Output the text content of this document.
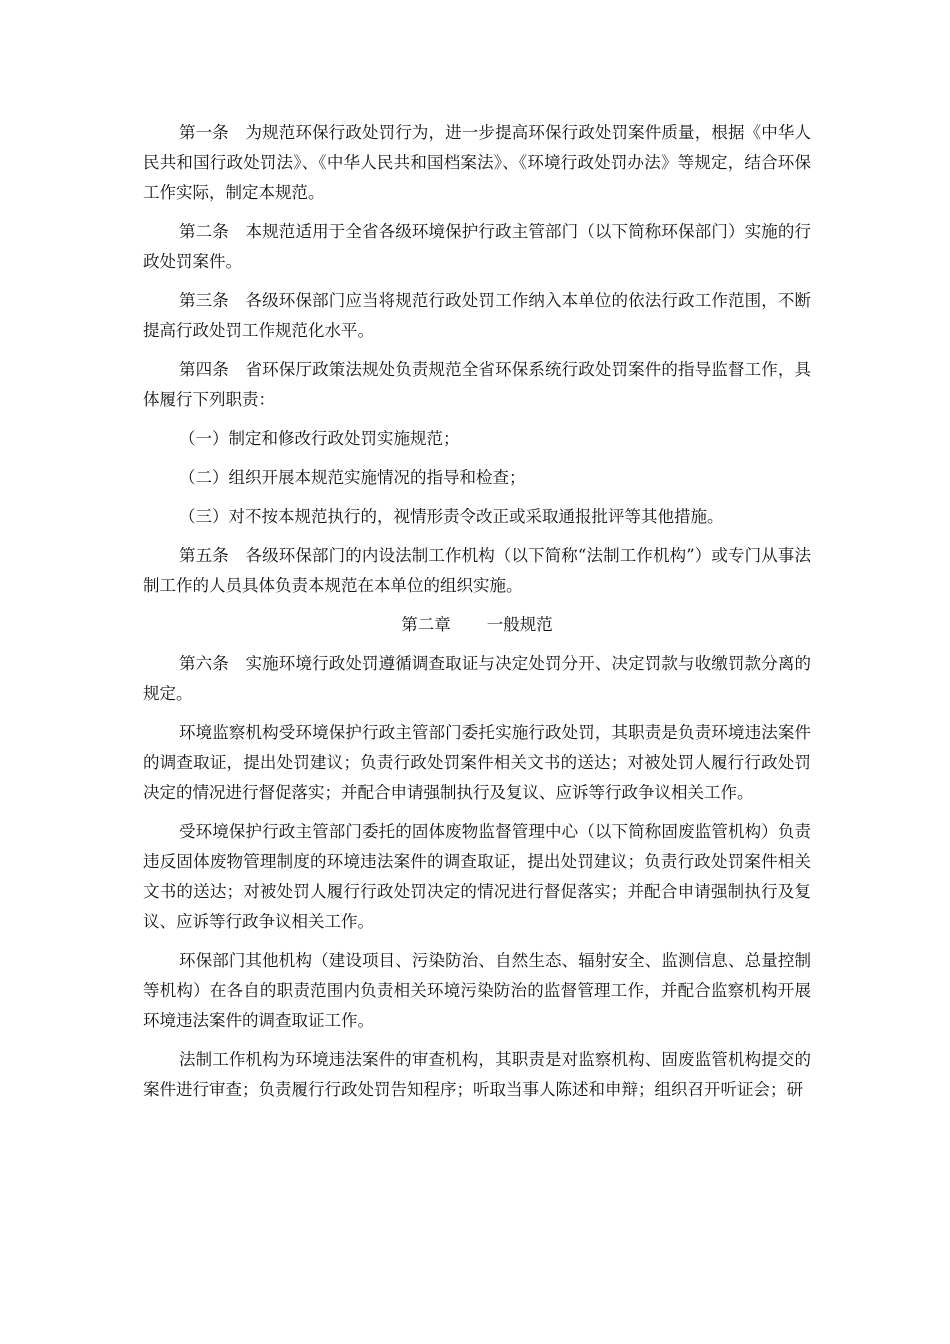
第一条　为规范环保行政处罚行为，进一步提高环保行政处罚案件质量，根据《中华人民共和国行政处罚法》、《中华人民共和国档案法》、《环境行政处罚办法》等规定，结合环保工作实际，制定本规范。

第二条　本规范适用于全省各级环境保护行政主管部门（以下简称环保部门）实施的行政处罚案件。

第三条　各级环保部门应当将规范行政处罚工作纳入本单位的依法行政工作范围，不断提高行政处罚工作规范化水平。

第四条　省环保厅政策法规处负责规范全省环保系统行政处罚案件的指导监督工作，具体履行下列职责：

（一）制定和修改行政处罚实施规范；

（二）组织开展本规范实施情况的指导和检查；

（三）对不按本规范执行的，视情形责令改正或采取通报批评等其他措施。

第五条　各级环保部门的内设法制工作机构（以下简称“法制工作机构”）或专门从事法制工作的人员具体负责本规范在本单位的组织实施。

第二章 一般规范

第六条　实施环境行政处罚遵循调查取证与决定处罚分开、决定罚款与收缴罚款分离的规定。

环境监察机构受环境保护行政主管部门委托实施行政处罚，其职责是负责环境违法案件的调查取证，提出处罚建议；负责行政处罚案件相关文书的送达；对被处罚人履行行政处罚决定的情况进行督促落实；并配合申请强制执行及复议、应诉等行政争议相关工作。

受环境保护行政主管部门委托的固体废物监督管理中心（以下简称固废监管机构）负责违反固体废物管理制度的环境违法案件的调查取证，提出处罚建议；负责行政处罚案件相关文书的送达；对被处罚人履行行政处罚决定的情况进行督促落实；并配合申请强制执行及复议、应诉等行政争议相关工作。

环保部门其他机构（建设项目、污染防治、自然生态、辐射安全、监测信息、总量控制等机构）在各自的职责范围内负责相关环境污染防治的监督管理工作，并配合监察机构开展环境违法案件的调查取证工作。

法制工作机构为环境违法案件的审查机构，其职责是对监察机构、固废监管机构提交的案件进行审查；负责履行行政处罚告知程序；听取当事人陈述和申辩；组织召开听证会；研
